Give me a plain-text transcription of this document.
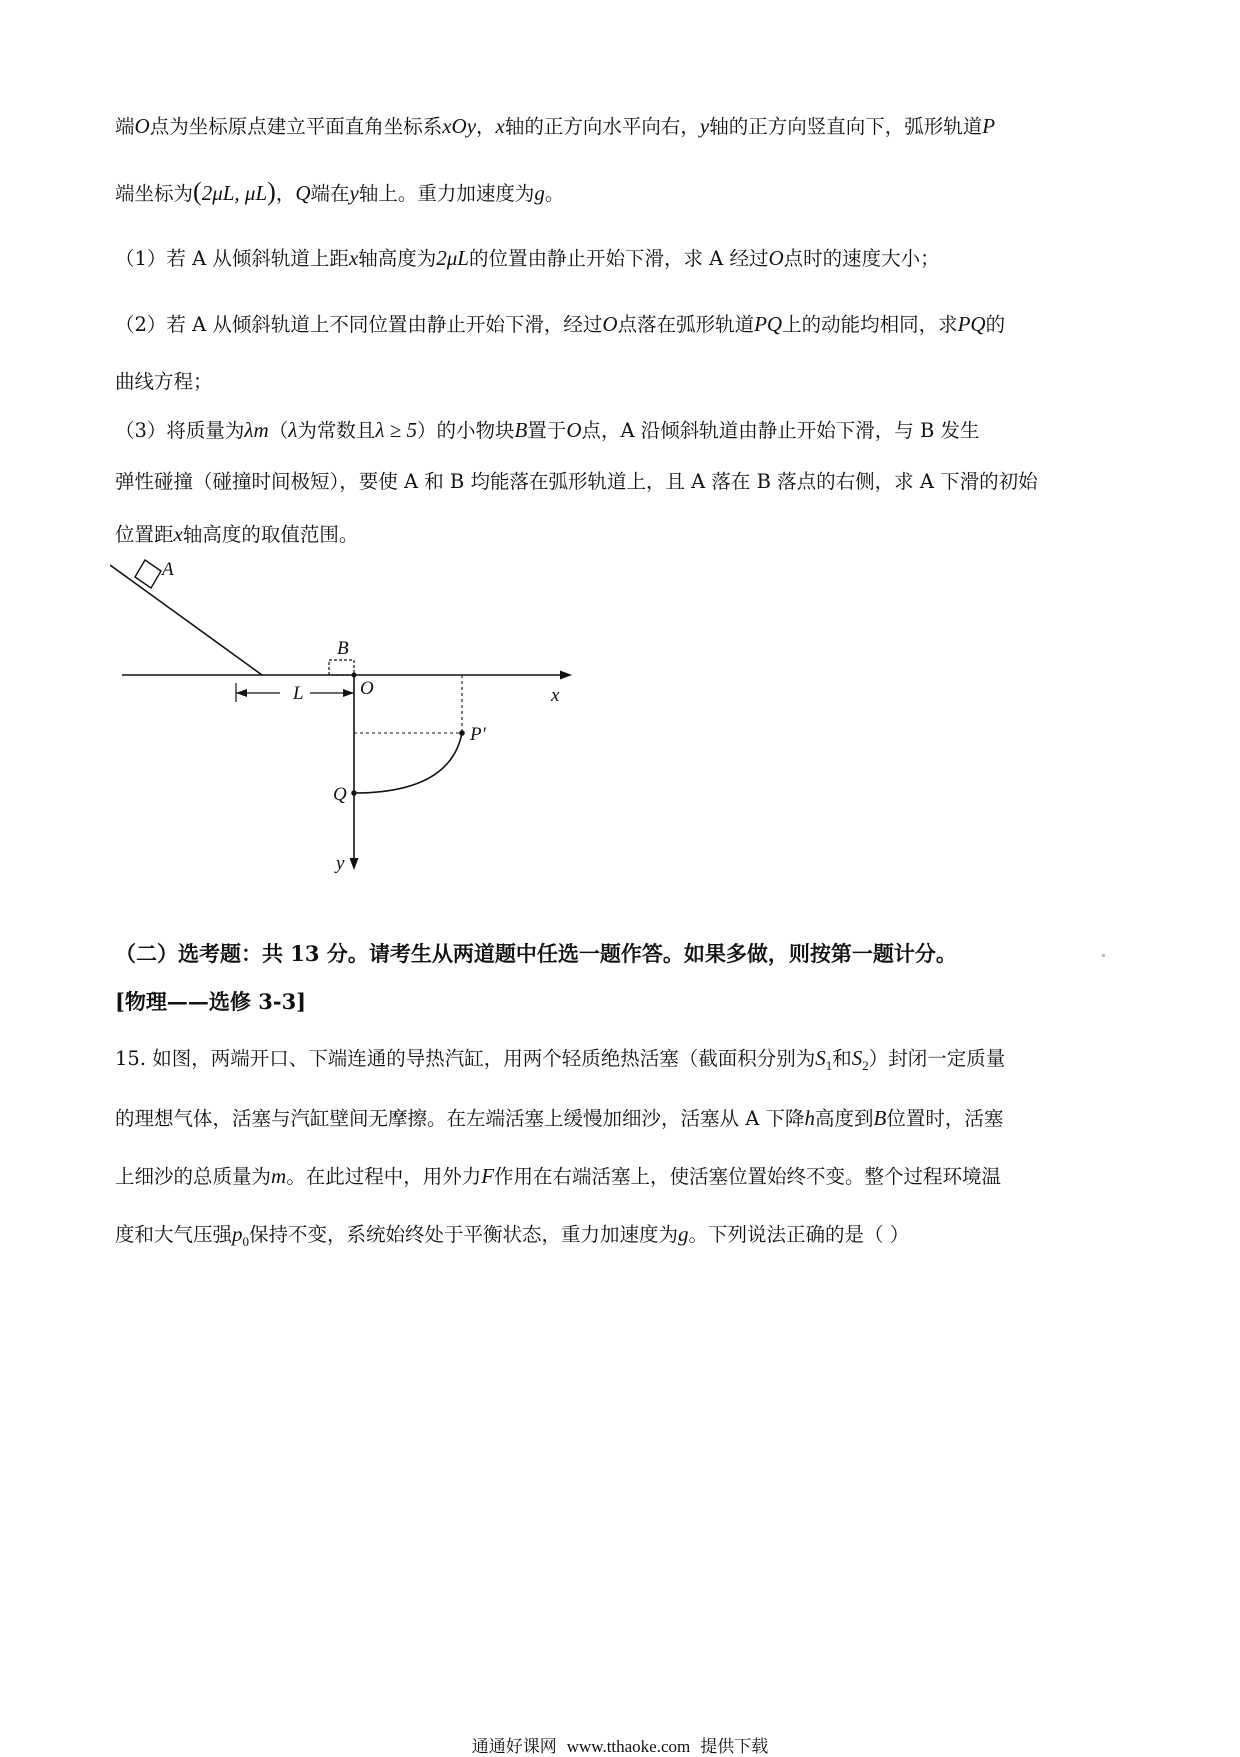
端O点为坐标原点建立平面直角坐标系xOy，x轴的正方向水平向右，y轴的正方向竖直向下，弧形轨道P
端坐标为(2μL, μL)，Q端在y轴上。重力加速度为g。
（1）若 A 从倾斜轨道上距x轴高度为2μL的位置由静止开始下滑，求 A 经过O点时的速度大小；
（2）若 A 从倾斜轨道上不同位置由静止开始下滑，经过O点落在弧形轨道PQ上的动能均相同，求PQ的
曲线方程；
（3）将质量为λm（λ为常数且λ ≥ 5）的小物块B置于O点，A 沿倾斜轨道由静止开始下滑，与 B 发生
弹性碰撞（碰撞时间极短），要使 A 和 B 均能落在弧形轨道上，且 A 落在 B 落点的右侧，求 A 下滑的初始
位置距x轴高度的取值范围。
A
x
B
O
L
y
P′
Q
（二）选考题：共 13 分。请考生从两道题中任选一题作答。如果多做，则按第一题计分。
[物理——选修 3-3]
15. 如图，两端开口、下端连通的导热汽缸，用两个轻质绝热活塞（截面积分别为$S_1$和$S_2$）封闭一定质量
的理想气体，活塞与汽缸壁间无摩擦。在左端活塞上缓慢加细沙，活塞从 A 下降h高度到B位置时，活塞
上细沙的总质量为m。在此过程中，用外力F作用在右端活塞上，使活塞位置始终不变。整个过程环境温
度和大气压强$p_0$保持不变，系统始终处于平衡状态，重力加速度为g。下列说法正确的是（ ）
通通好课网 www.tthaoke.com 提供下载
